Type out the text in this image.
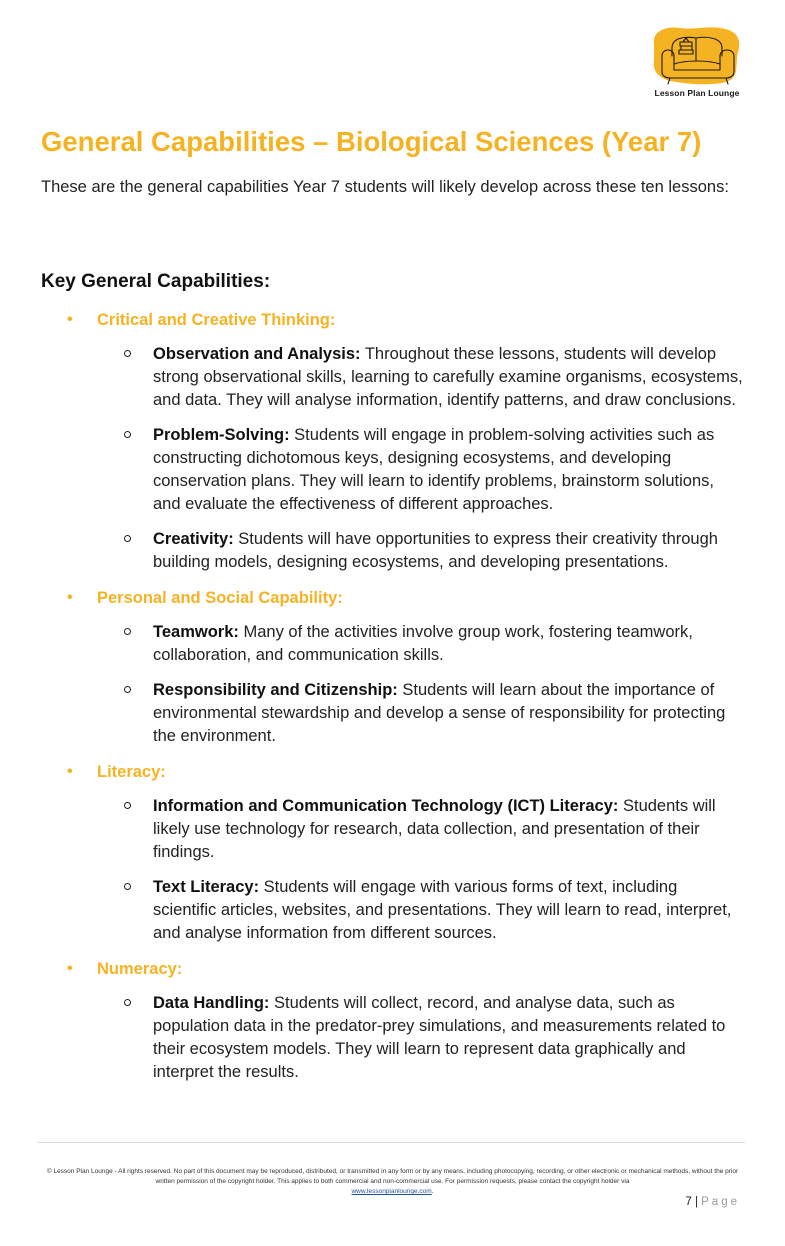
Lesson Plan Lounge
General Capabilities – Biological Sciences (Year 7)

These are the general capabilities Year 7 students will likely develop across these ten lessons:

Key General Capabilities:
• Critical and Creative Thinking:
Observation and Analysis: Throughout these lessons, students will develop strong observational skills, learning to carefully examine organisms, ecosystems, and data. They will analyse information, identify patterns, and draw conclusions.
Problem-Solving: Students will engage in problem-solving activities such as constructing dichotomous keys, designing ecosystems, and developing conservation plans. They will learn to identify problems, brainstorm solutions, and evaluate the effectiveness of different approaches.
Creativity: Students will have opportunities to express their creativity through building models, designing ecosystems, and developing presentations.
• Personal and Social Capability:
Teamwork: Many of the activities involve group work, fostering teamwork, collaboration, and communication skills.
Responsibility and Citizenship: Students will learn about the importance of environmental stewardship and develop a sense of responsibility for protecting the environment.
• Literacy:
Information and Communication Technology (ICT) Literacy: Students will likely use technology for research, data collection, and presentation of their findings.
Text Literacy: Students will engage with various forms of text, including scientific articles, websites, and presentations. They will learn to read, interpret, and analyse information from different sources.
• Numeracy:
Data Handling: Students will collect, record, and analyse data, such as population data in the predator-prey simulations, and measurements related to their ecosystem models. They will learn to represent data graphically and interpret the results.

© Lesson Plan Lounge - All rights reserved. No part of this document may be reproduced, distributed, or transmitted in any form or by any means, including photocopying, recording, or other electronic or mechanical methods, without the prior written permission of the copyright holder. This applies to both commercial and non-commercial use. For permission requests, please contact the copyright holder via
www.lessonplanlounge.com.

7 | Page
